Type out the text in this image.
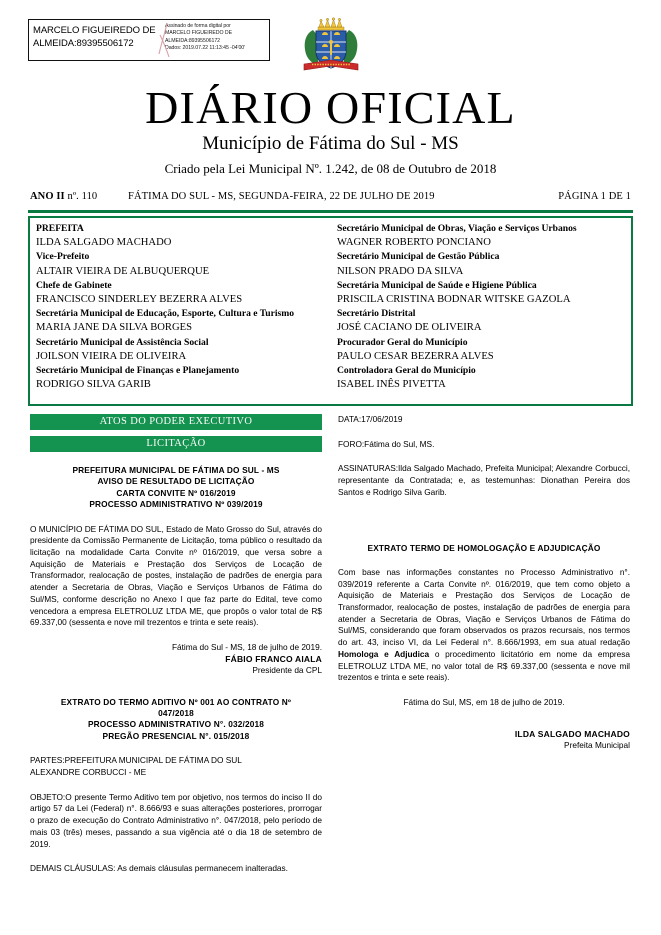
MARCELO FIGUEIREDO DE ALMEIDA:89395506172
Assinado de forma digital por
MARCELO FIGUEIREDO DE
ALMEIDA:89395506172
Dados: 2019.07.22 11:13:45 -04'00'
DIÁRIO OFICIAL
Município de Fátima do Sul - MS
Criado pela Lei Municipal Nº. 1.242, de 08 de Outubro de 2018
ANO II nº. 110	FÁTIMA DO SUL - MS, SEGUNDA-FEIRA, 22 DE JULHO DE 2019	PÁGINA 1 DE 1
PREFEITA
ILDA SALGADO MACHADO
Vice-Prefeito
ALTAIR VIEIRA DE ALBUQUERQUE
Chefe de Gabinete
FRANCISCO SINDERLEY BEZERRA ALVES
Secretária Municipal de Educação, Esporte, Cultura e Turismo
MARIA JANE DA SILVA BORGES
Secretário Municipal de Assistência Social
JOILSON VIEIRA DE OLIVEIRA
Secretário Municipal de Finanças e Planejamento
RODRIGO SILVA GARIB
Secretário Municipal de Obras, Viação e Serviços Urbanos
WAGNER ROBERTO PONCIANO
Secretário Municipal de Gestão Pública
NILSON PRADO DA SILVA
Secretária Municipal de Saúde e Higiene Pública
PRISCILA CRISTINA BODNAR WITSKE GAZOLA
Secretário Distrital
JOSÉ CACIANO DE OLIVEIRA
Procurador Geral do Município
PAULO CESAR BEZERRA ALVES
Controladora Geral do Município
ISABEL INÊS PIVETTA
ATOS DO PODER EXECUTIVO
LICITAÇÃO
PREFEITURA MUNICIPAL DE FÁTIMA DO SUL - MS
AVISO DE RESULTADO DE LICITAÇÃO
CARTA CONVITE Nº 016/2019
PROCESSO ADMINISTRATIVO Nº 039/2019
O MUNICÍPIO DE FÁTIMA DO SUL, Estado de Mato Grosso do Sul, através do presidente da Comissão Permanente de Licitação, toma público o resultado da licitação na modalidade Carta Convite nº 016/2019, que versa sobre a Aquisição de Materiais e Prestação dos Serviços de Locação de Transformador, realocação de postes, instalação de padrões de energia para atender a Secretaria de Obras, Viação e Serviços Urbanos de Fátima do Sul/MS, conforme descrição no Anexo I que faz parte do Edital, teve como vencedora a empresa ELETROLUZ LTDA ME, que propôs o valor total de R$ 69.337,00 (sessenta e nove mil trezentos e trinta e sete reais).
Fátima do Sul - MS, 18 de julho de 2019.
FÁBIO FRANCO AIALA
Presidente da CPL
EXTRATO DO TERMO ADITIVO Nº 001 AO CONTRATO Nº
047/2018
PROCESSO ADMINISTRATIVO N°. 032/2018
PREGÃO PRESENCIAL N°. 015/2018
PARTES:PREFEITURA MUNICIPAL DE FÁTIMA DO SUL
ALEXANDRE CORBUCCI - ME
OBJETO:O presente Termo Aditivo tem por objetivo, nos termos do inciso II do artigo 57 da Lei (Federal) n°. 8.666/93 e suas alterações posteriores, prorrogar o prazo de execução do Contrato Administrativo n°. 047/2018, pelo período de mais 03 (três) meses, passando a sua vigência até o dia 18 de setembro de 2019.
DEMAIS CLÁUSULAS: As demais cláusulas permanecem inalteradas.
DATA:17/06/2019
FORO:Fátima do Sul, MS.
ASSINATURAS:Ilda Salgado Machado, Prefeita Municipal; Alexandre Corbucci, representante da Contratada; e, as testemunhas: Dionathan Pereira dos Santos e Rodrigo Silva Garib.
EXTRATO TERMO DE HOMOLOGAÇÃO E ADJUDICAÇÃO
Com base nas informações constantes no Processo Administrativo n°. 039/2019 referente a Carta Convite nº. 016/2019, que tem como objeto a Aquisição de Materiais e Prestação dos Serviços de Locação de Transformador, realocação de postes, instalação de padrões de energia para atender a Secretaria de Obras, Viação e Serviços Urbanos de Fátima do Sul/MS, considerando que foram observados os prazos recursais, nos termos do art. 43, inciso VI, da Lei Federal n°. 8.666/1993, em sua atual redação Homologa e Adjudica o procedimento licitatório em nome da empresa ELETROLUZ LTDA ME, no valor total de R$ 69.337,00 (sessenta e nove mil trezentos e trinta e sete reais).
Fátima do Sul, MS, em 18 de julho de 2019.
ILDA SALGADO MACHADO
Prefeita Municipal
